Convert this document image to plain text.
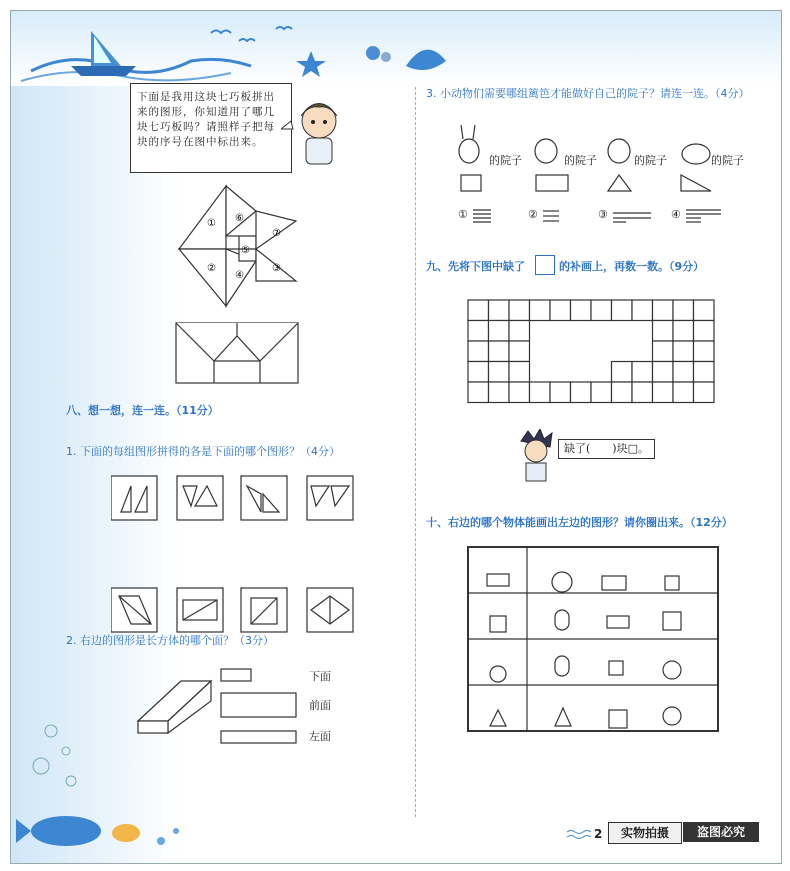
下面是我用这块七巧板拼出来的图形，你知道用了哪几块七巧板吗？请照样子把每块的序号在图中标出来。
① ⑥
⑦
⑤
②
④
③
八、想一想，连一连。（11分）
1. 下面的每组图形拼得的各是下面的哪个图形？（4分）
2. 右边的图形是长方体的哪个面？（3分）
下面
前面
左面
3. 小动物们需要哪组篱笆才能做好自己的院子？请连一连。（4分）
的院子	的院子	的院子	的院子
①	②	③	④
九、先将下图中缺了	的补画上，再数一数。（9分）
缺了(　　)块□。
十、右边的哪个物体能画出左边的图形？请你圈出来。（12分）
2	实物拍摄	盗图必究
